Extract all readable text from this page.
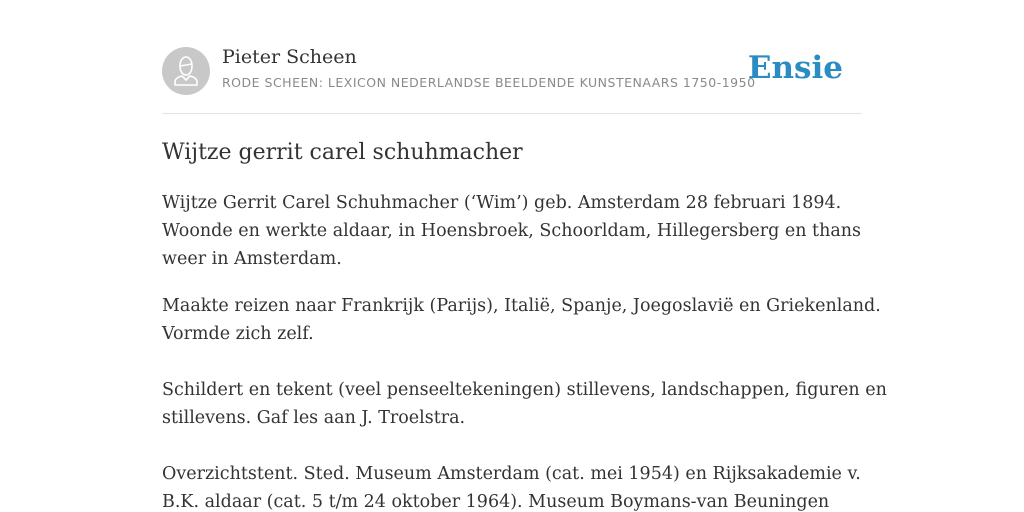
Pieter Scheen
RODE SCHEEN: LEXICON NEDERLANDSE BEELDENDE KUNSTENAARS 1750-1950
Ensie
Wijtze gerrit carel schuhmacher

Wijtze Gerrit Carel Schuhmacher (‘Wim’) geb. Amsterdam 28 februari 1894.
Woonde en werkte aldaar, in Hoensbroek, Schoorldam, Hillegersberg en thans
weer in Amsterdam.

Maakte reizen naar Frankrijk (Parijs), Italië, Spanje, Joegoslavië en Griekenland.
Vormde zich zelf.

Schildert en tekent (veel penseeltekeningen) stillevens, landschappen, figuren en
stillevens. Gaf les aan J. Troelstra.

Overzichtstent. Sted. Museum Amsterdam (cat. mei 1954) en Rijksakademie v.
B.K. aldaar (cat. 5 t/m 24 oktober 1964). Museum Boymans-van Beuningen
